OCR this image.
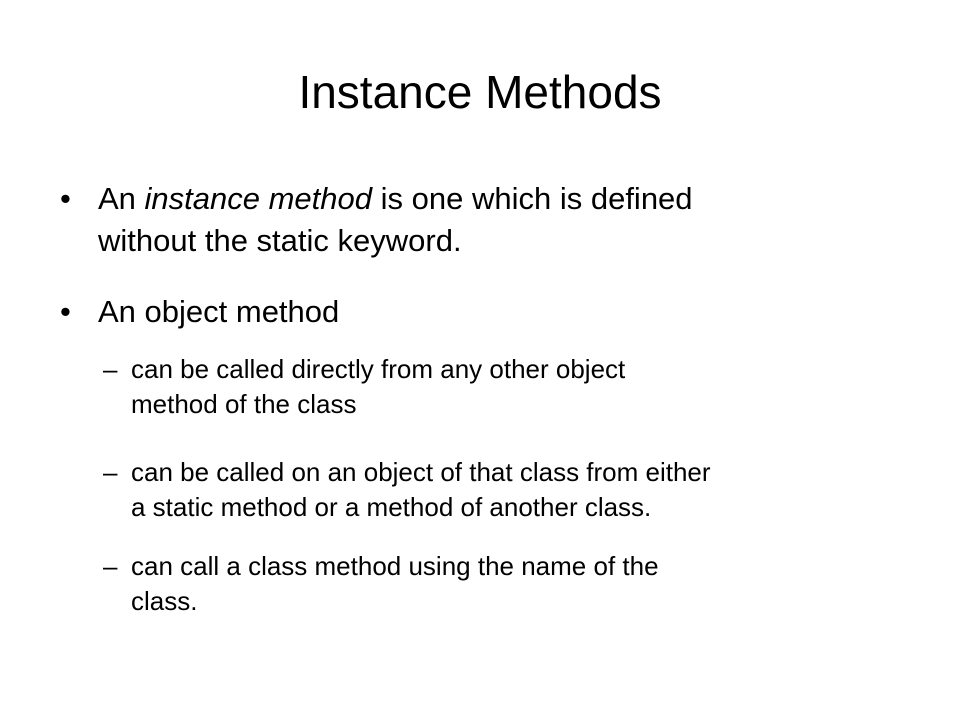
Instance Methods
• An instance method is one which is defined
without the static keyword.
• An object method
– can be called directly from any other object
method of the class
– can be called on an object of that class from either
a static method or a method of another class.
– can call a class method using the name of the
class.
